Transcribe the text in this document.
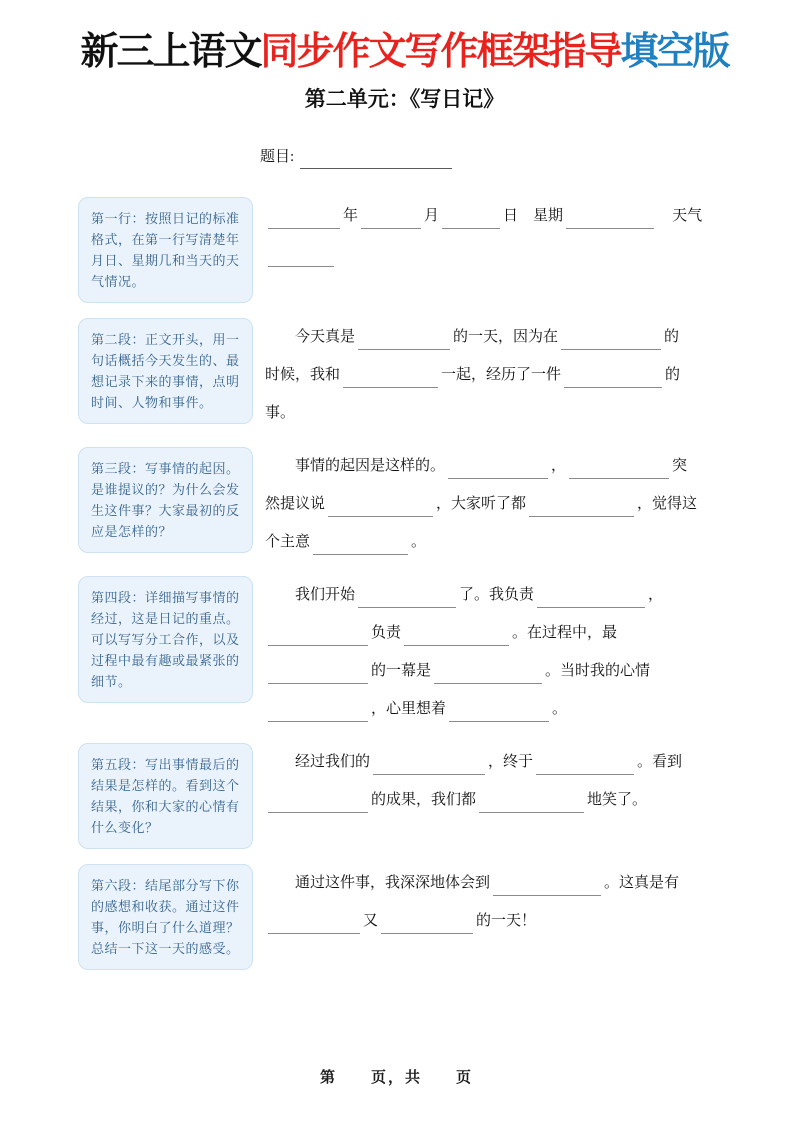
新三上语文同步作文写作框架指导填空版
第二单元：《写日记》
题目:
第一行：按照日记的标准格式，在第一行写清楚年月日、星期几和当天的天气情况。
年	月	日　星期	　天气

第二段：正文开头，用一句话概括今天发生的、最想记录下来的事情，点明时间、人物和事件。
今天真是	的一天，因为在	的
时候，我和	一起，经历了一件	的
事。
第三段：写事情的起因。是谁提议的？为什么会发生这件事？大家最初的反应是怎样的？
事情的起因是这样的。	，	突
然提议说	，大家听了都	，觉得这
个主意	。
第四段：详细描写事情的经过，这是日记的重点。可以写写分工合作，以及过程中最有趣或最紧张的细节。
我们开始	了。我负责	，
负责	。在过程中，最
的一幕是	。当时我的心情
，心里想着	。
第五段：写出事情最后的结果是怎样的。看到这个结果，你和大家的心情有什么变化？
经过我们的	，终于	。看到
的成果，我们都	地笑了。
第六段：结尾部分写下你的感想和收获。通过这件事，你明白了什么道理？总结一下这一天的感受。
通过这件事，我深深地体会到	。这真是有
又	的一天！
第　　页，共　　页
